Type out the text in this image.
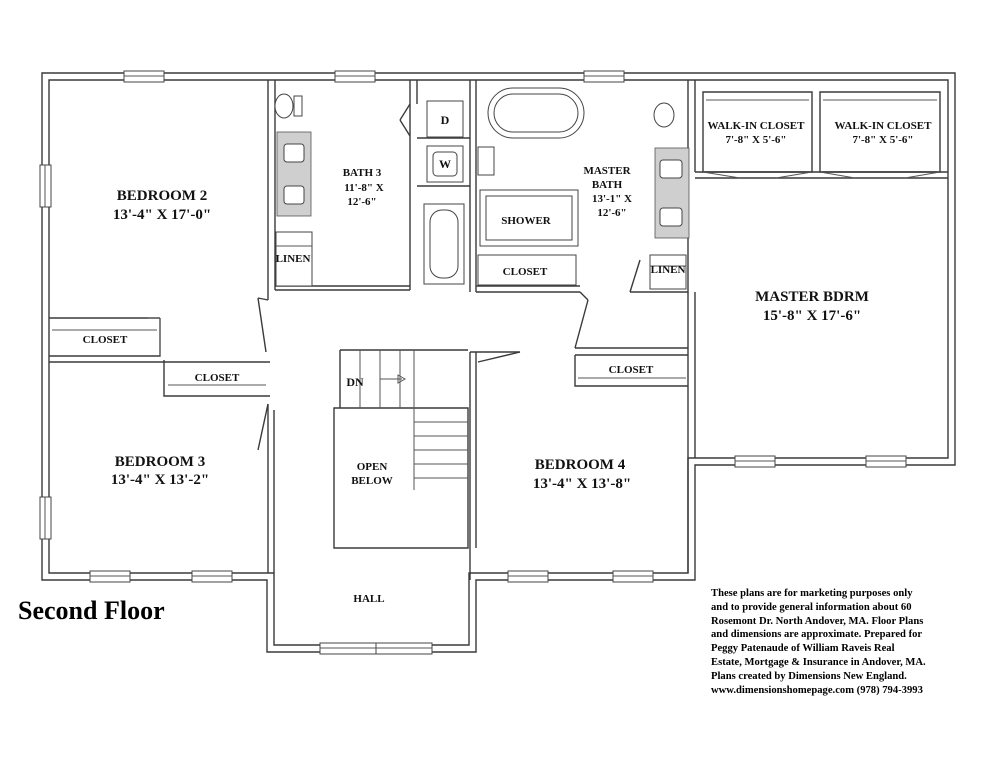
BEDROOM 2
13'-4" X 17'-0"
CLOSET
CLOSET
BEDROOM 3
13'-4" X 13'-2"
BATH 3
11'-8" X
12'-6"
D
W
LINEN
MASTER
BATH
13'-1" X
12'-6"
SHOWER
CLOSET	LINEN
WALK-IN CLOSET
7'-8" X 5'-6"
WALK-IN CLOSET
7'-8" X 5'-6"
MASTER BDRM
15'-8" X 17'-6"
CLOSET
BEDROOM 4
13'-4" X 13'-8"
DN
OPEN
BELOW
HALL
Second Floor
These plans are for marketing purposes only
and to provide general information about 60
Rosemont Dr. North Andover, MA. Floor Plans
and dimensions are approximate. Prepared for
Peggy Patenaude of William Raveis Real
Estate, Mortgage & Insurance in Andover, MA.
Plans created by Dimensions New England.
www.dimensionshomepage.com (978) 794-3993
